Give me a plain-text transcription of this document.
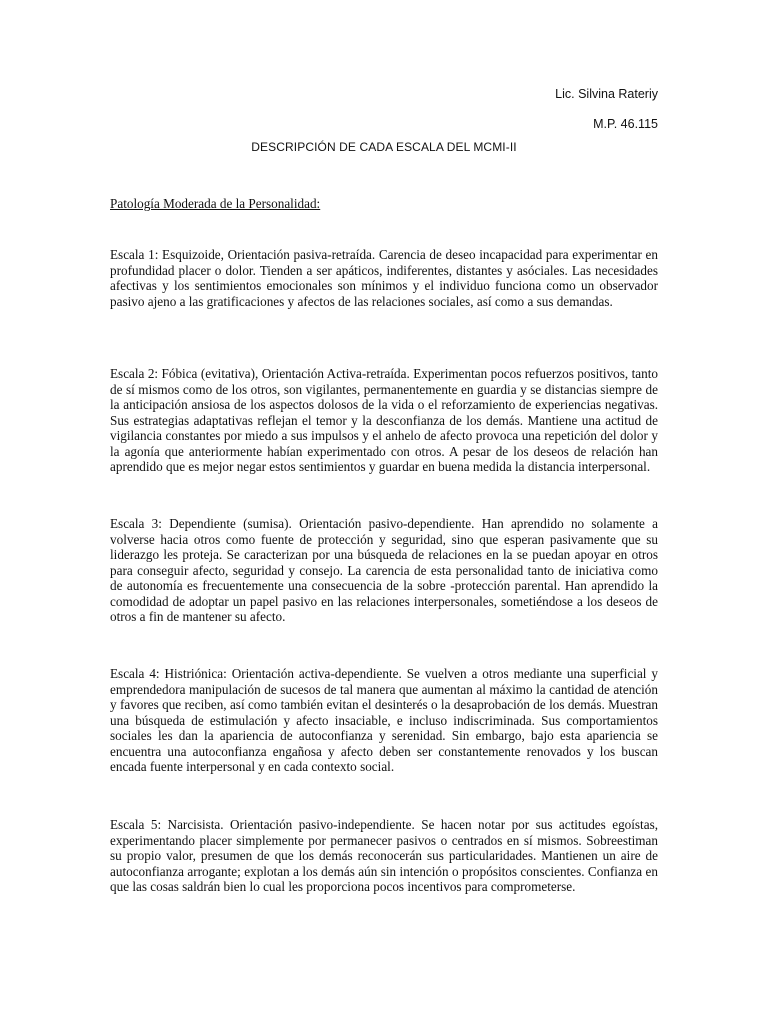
Lic. Silvina Rateriy
M.P. 46.115
DESCRIPCIÓN DE CADA ESCALA DEL MCMI-II
Patología Moderada de la Personalidad:

Escala 1: Esquizoide, Orientación pasiva-retraída. Carencia de deseo incapacidad para experimentar en profundidad placer o dolor. Tienden a ser apáticos, indiferentes, distantes y asóciales. Las necesidades afectivas y los sentimientos emocionales son mínimos y el individuo funciona como un observador pasivo ajeno a las gratificaciones y afectos de las relaciones sociales, así como a sus demandas.

Escala 2: Fóbica (evitativa), Orientación Activa-retraída. Experimentan pocos refuerzos positivos, tanto de sí mismos como de los otros, son vigilantes, permanentemente en guardia y se distancias siempre de la anticipación ansiosa de los aspectos dolosos de la vida o el reforzamiento de experiencias negativas. Sus estrategias adaptativas reflejan el temor y la desconfianza de los demás. Mantiene una actitud de vigilancia constantes por miedo a sus impulsos y el anhelo de afecto provoca una repetición del dolor y la agonía que anteriormente habían experimentado con otros. A pesar de los deseos de relación han aprendido que es mejor negar estos sentimientos y guardar en buena medida la distancia interpersonal.

Escala 3: Dependiente (sumisa). Orientación pasivo-dependiente. Han aprendido no solamente a volverse hacia otros como fuente de protección y seguridad, sino que esperan pasivamente que su liderazgo les proteja. Se caracterizan por una búsqueda de relaciones en la se puedan apoyar en otros para conseguir afecto, seguridad y consejo. La carencia de esta personalidad tanto de iniciativa como de autonomía es frecuentemente una consecuencia de la sobre -protección parental. Han aprendido la comodidad de adoptar un papel pasivo en las relaciones interpersonales, sometiéndose a los deseos de otros a fin de mantener su afecto.

Escala 4: Histriónica: Orientación activa-dependiente. Se vuelven a otros mediante una superficial y emprendedora manipulación de sucesos de tal manera que aumentan al máximo la cantidad de atención y favores que reciben, así como también evitan el desinterés o la desaprobación de los demás. Muestran una búsqueda de estimulación y afecto insaciable, e incluso indiscriminada. Sus comportamientos sociales les dan la apariencia de autoconfianza y serenidad. Sin embargo, bajo esta apariencia se encuentra una autoconfianza engañosa y afecto deben ser constantemente renovados y los buscan encada fuente interpersonal y en cada contexto social.

Escala 5: Narcisista. Orientación pasivo-independiente. Se hacen notar por sus actitudes egoístas, experimentando placer simplemente por permanecer pasivos o centrados en sí mismos. Sobreestiman su propio valor, presumen de que los demás reconocerán sus particularidades. Mantienen un aire de autoconfianza arrogante; explotan a los demás aún sin intención o propósitos conscientes. Confianza en que las cosas saldrán bien lo cual les proporciona pocos incentivos para comprometerse.
